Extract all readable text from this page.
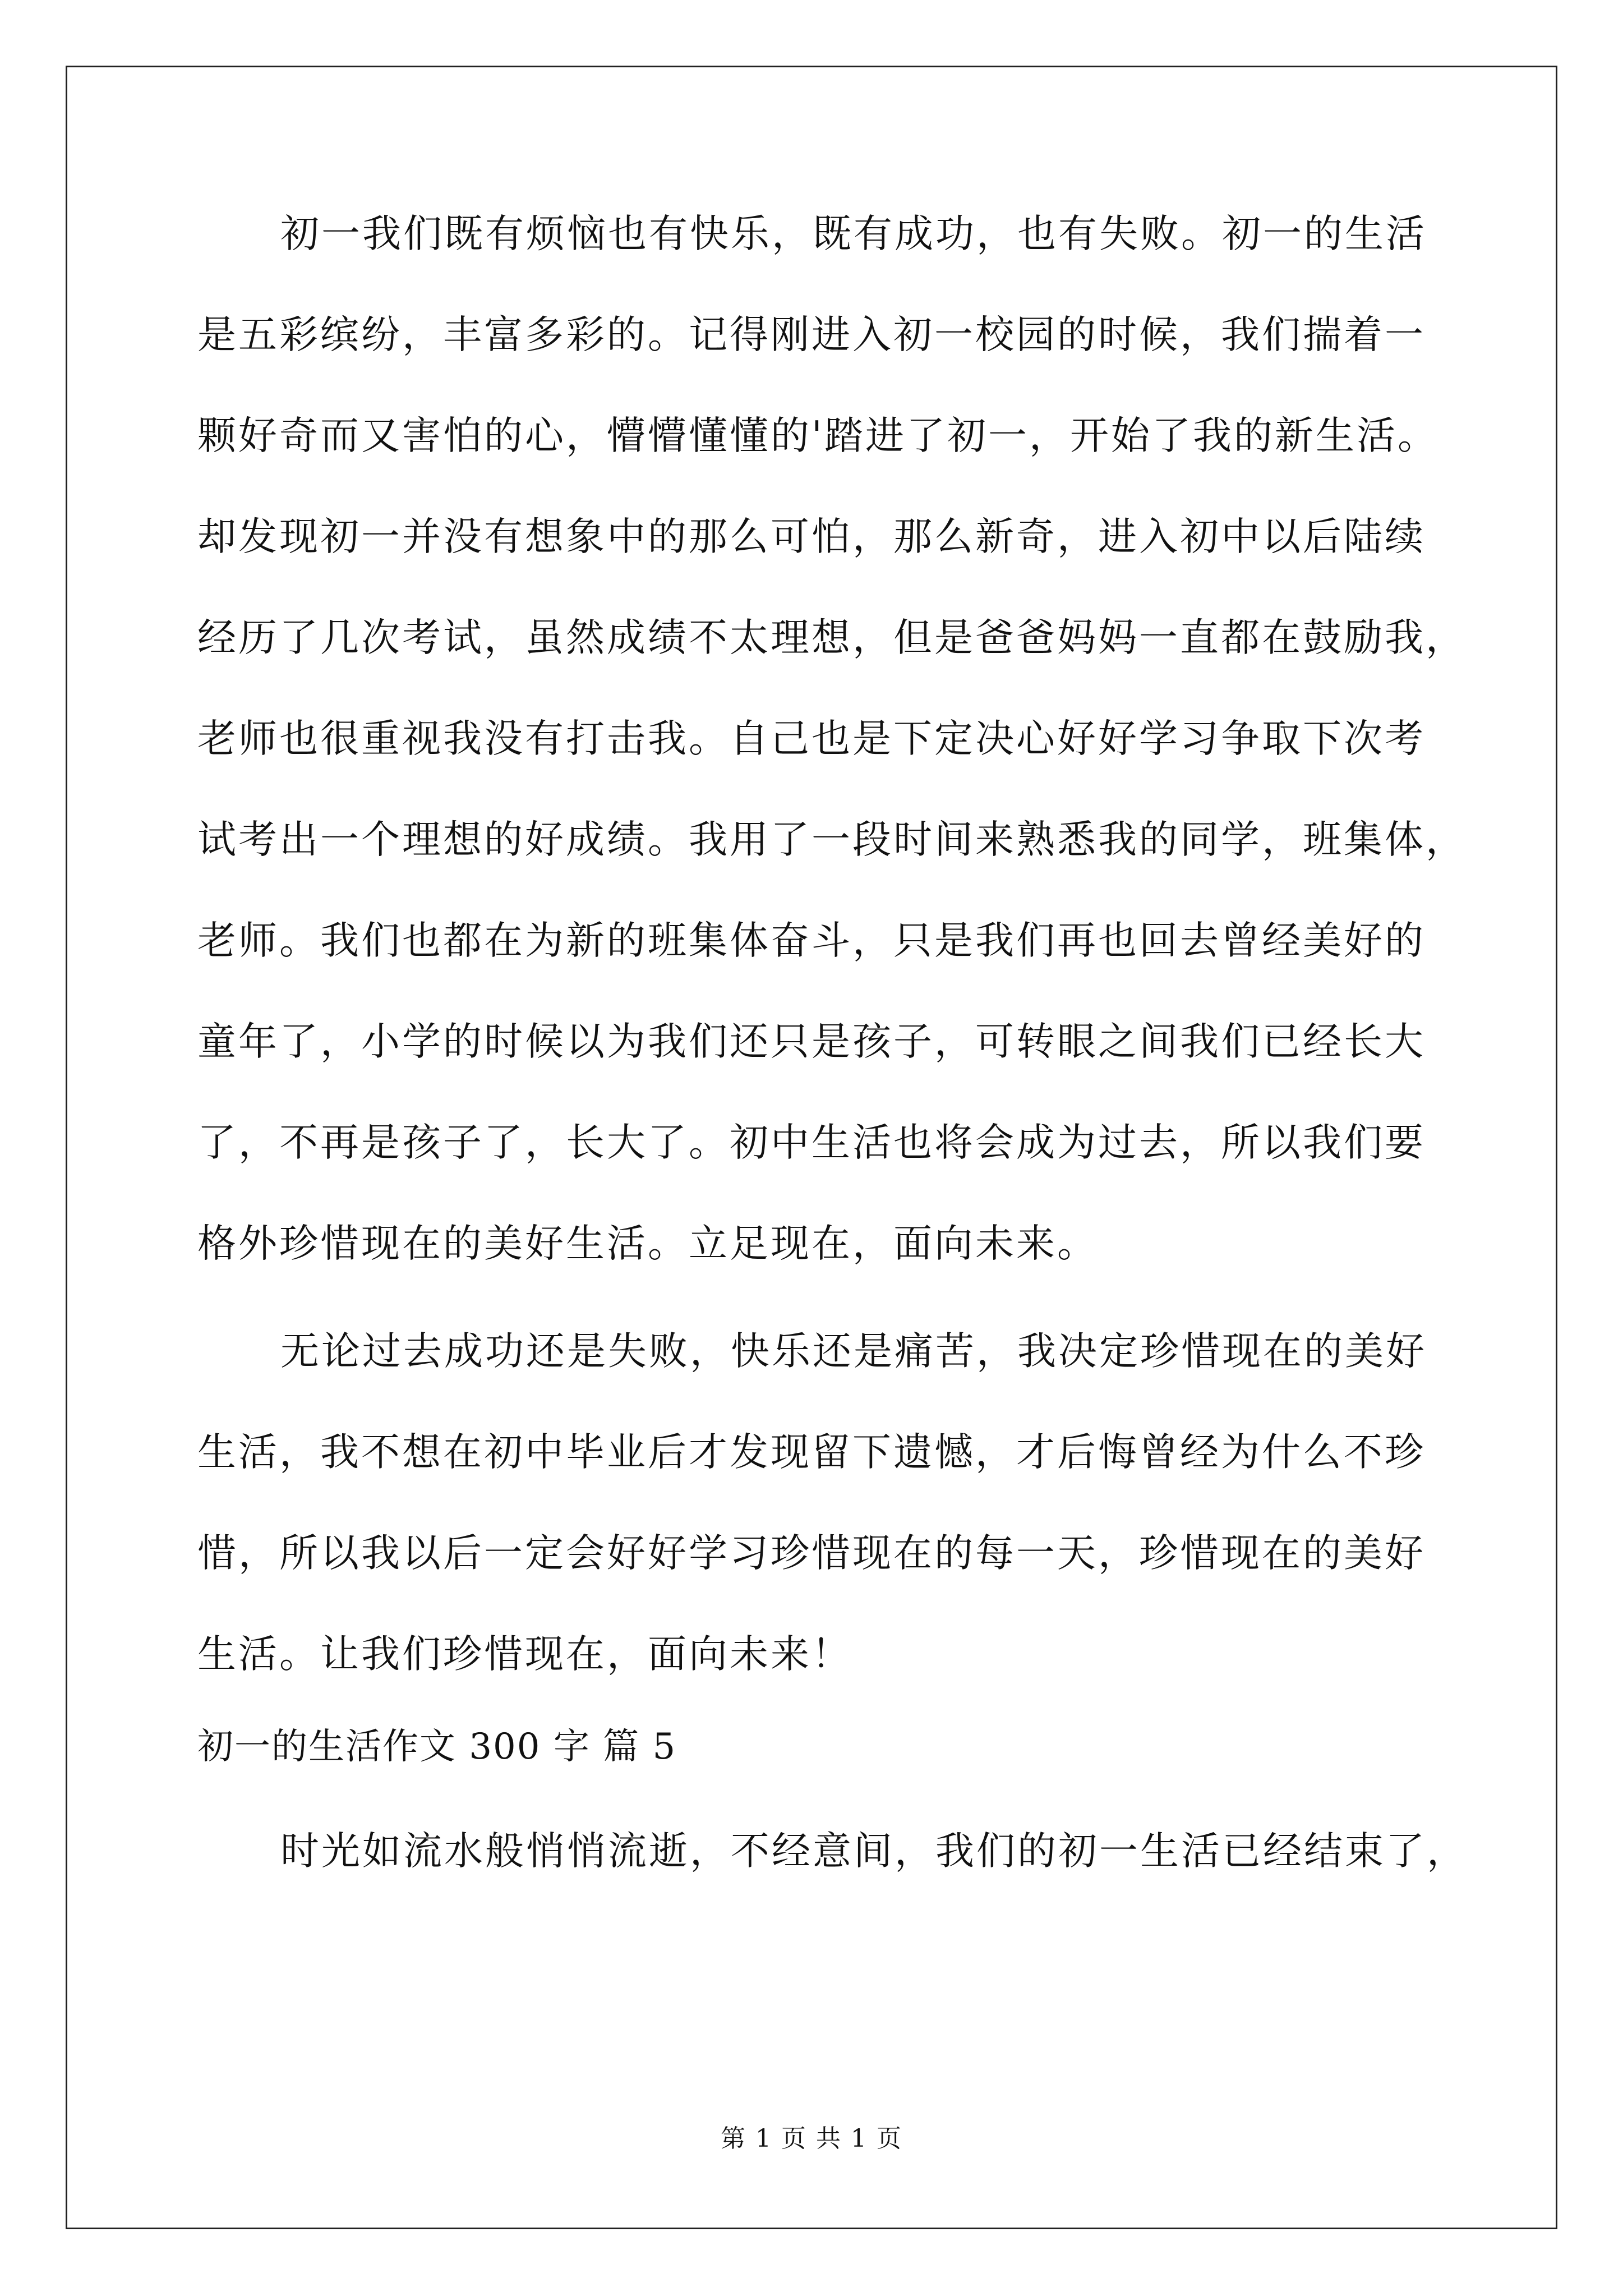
初一我们既有烦恼也有快乐，既有成功，也有失败。初一的生活
是五彩缤纷，丰富多彩的。记得刚进入初一校园的时候，我们揣着一
颗好奇而又害怕的心，懵懵懂懂的'踏进了初一，开始了我的新生活。
却发现初一并没有想象中的那么可怕，那么新奇，进入初中以后陆续
经历了几次考试，虽然成绩不太理想，但是爸爸妈妈一直都在鼓励我，
老师也很重视我没有打击我。自己也是下定决心好好学习争取下次考
试考出一个理想的好成绩。我用了一段时间来熟悉我的同学，班集体，
老师。我们也都在为新的班集体奋斗，只是我们再也回去曾经美好的
童年了，小学的时候以为我们还只是孩子，可转眼之间我们已经长大
了，不再是孩子了，长大了。初中生活也将会成为过去，所以我们要
格外珍惜现在的美好生活。立足现在，面向未来。
无论过去成功还是失败，快乐还是痛苦，我决定珍惜现在的美好
生活，我不想在初中毕业后才发现留下遗憾，才后悔曾经为什么不珍
惜，所以我以后一定会好好学习珍惜现在的每一天，珍惜现在的美好
生活。让我们珍惜现在，面向未来！
初一的生活作文 300 字 篇 5
时光如流水般悄悄流逝，不经意间，我们的初一生活已经结束了，
第 1 页 共 1 页
